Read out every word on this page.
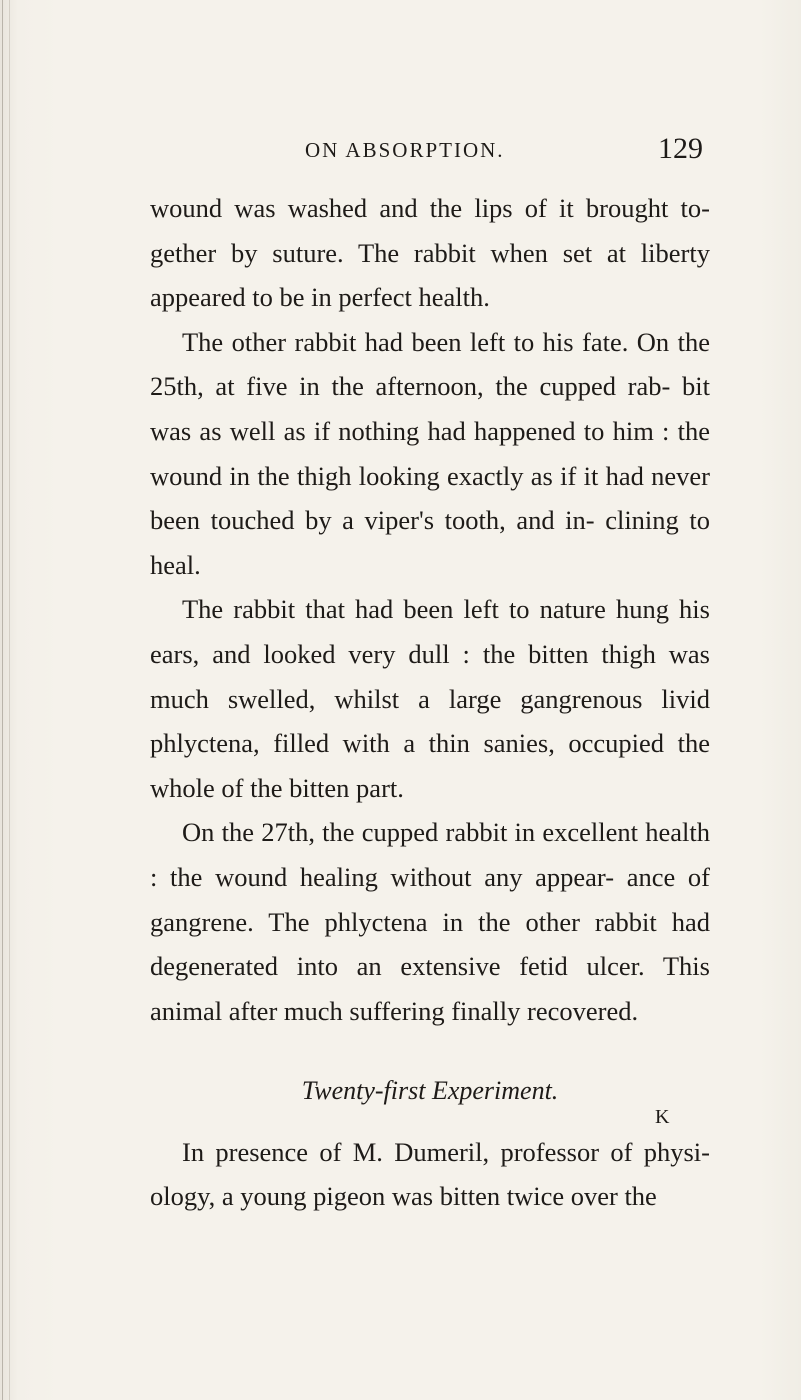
ON ABSORPTION.	129

wound was washed and the lips of it brought to- gether by suture. The rabbit when set at liberty appeared to be in perfect health.

The other rabbit had been left to his fate. On the 25th, at five in the afternoon, the cupped rab- bit was as well as if nothing had happened to him : the wound in the thigh looking exactly as if it had never been touched by a viper's tooth, and in- clining to heal.

The rabbit that had been left to nature hung his ears, and looked very dull : the bitten thigh was much swelled, whilst a large gangrenous livid phlyctena, filled with a thin sanies, occupied the whole of the bitten part.

On the 27th, the cupped rabbit in excellent health : the wound healing without any appear- ance of gangrene. The phlyctena in the other rabbit had degenerated into an extensive fetid ulcer. This animal after much suffering finally recovered.

Twenty-first Experiment.

In presence of M. Dumeril, professor of physi- ology, a young pigeon was bitten twice over the

K
